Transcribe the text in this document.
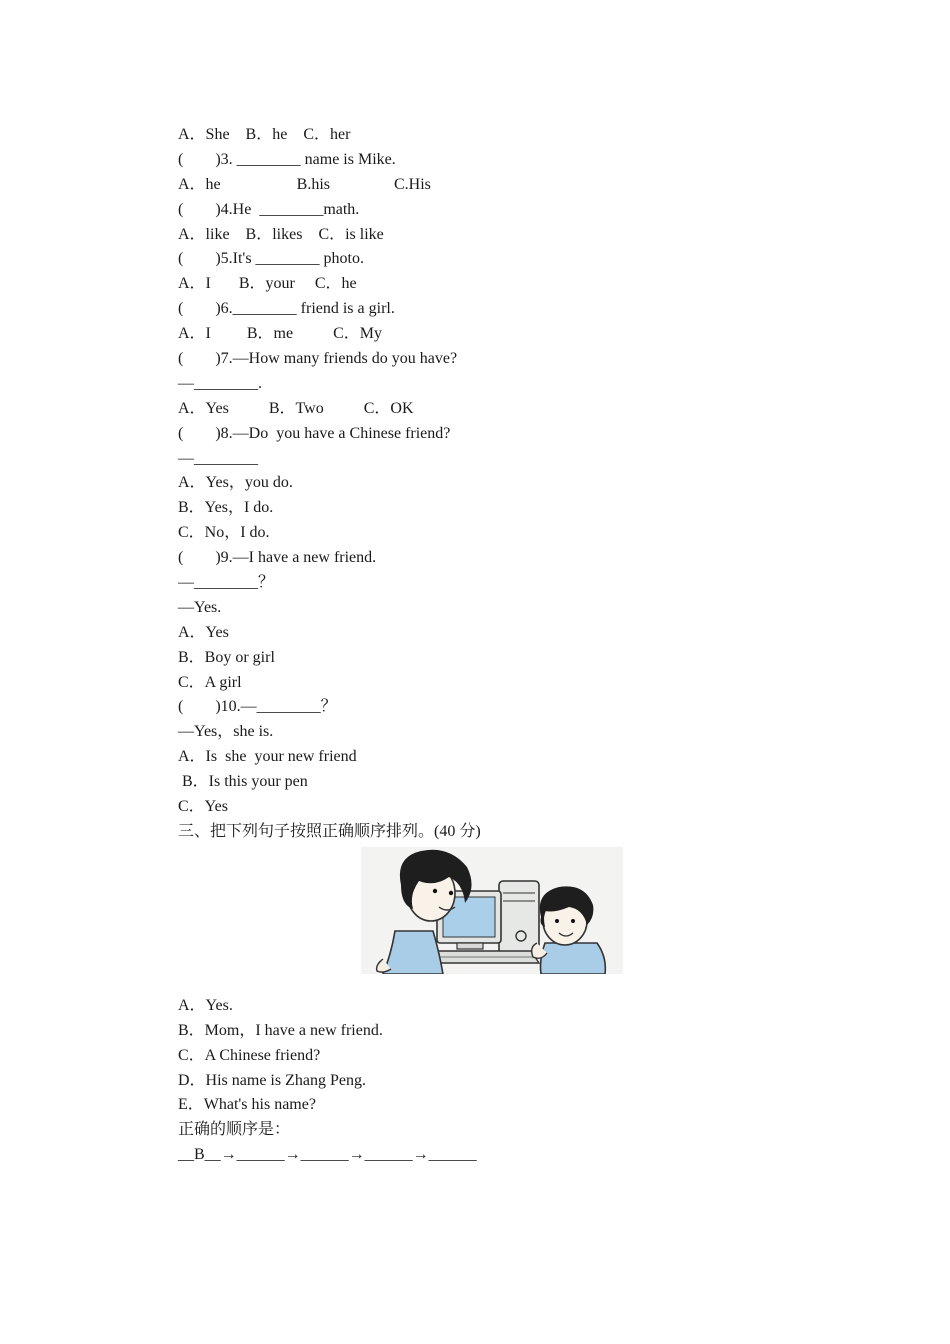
A．She    B．he    C．her
(        )3. ________ name is Mike.
A．he                   B.his                C.His
(        )4.He  ________math.
A．like    B．likes    C．is like
(        )5.It's ________ photo.
A．I       B．your     C．he
(        )6.________ friend is a girl.
A．I         B．me          C．My
(        )7.—How many friends do you have?
—________.
A．Yes          B．Two          C．OK
(        )8.—Do  you have a Chinese friend?
—________
A．Yes，you do.
B．Yes，I do.
C．No，I do.
(        )9.—I have a new friend.
—________？
—Yes.
A．Yes
B．Boy or girl
C．A girl
(        )10.—________？
—Yes，she is.
A．Is  she  your new friend
B．Is this your pen
C．Yes
三、把下列句子按照正确顺序排列。(40 分)
A．Yes.
B．Mom，I have a new friend.
C．A Chinese friend?
D．His name is Zhang Peng.
E．What's his name?
正确的顺序是：
__B__→______→______→______→______
